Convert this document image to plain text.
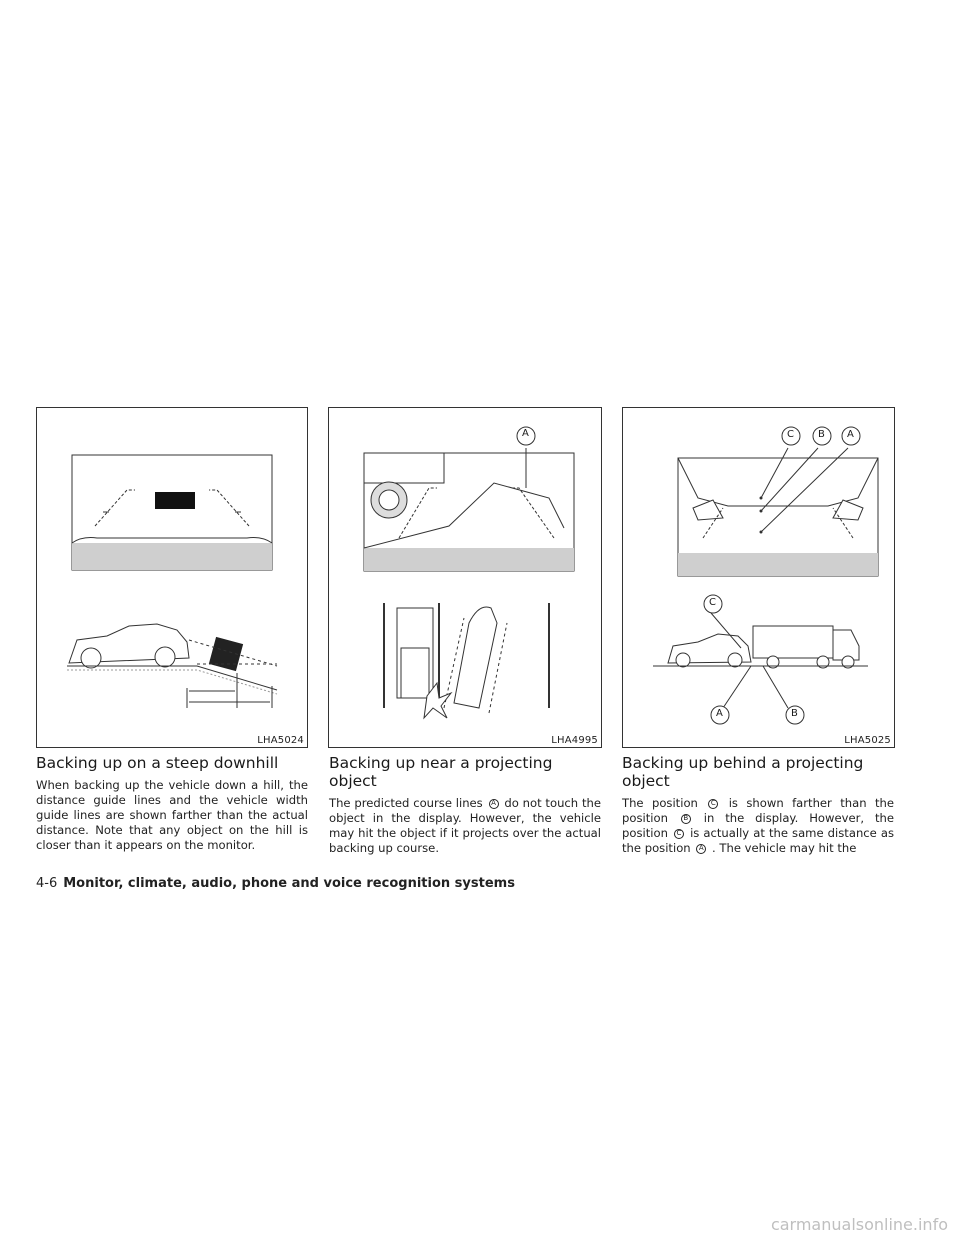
LHA5024
A
LHA4995
C B A
C
A	B
LHA5025
Backing up on a steep downhill

When backing up the vehicle down a hill, the distance guide lines and the vehicle width guide lines are shown farther than the actual distance. Note that any object on the hill is closer than it appears on the monitor.

Backing up near a projecting object

The predicted course lines A do not touch the object in the display. However, the vehicle may hit the object if it projects over the actual backing up course.

Backing up behind a projecting object

The position C is shown farther than the position B in the display. However, the position C is actually at the same distance as the position A . The vehicle may hit the

4-6 Monitor, climate, audio, phone and voice recognition systems
carmanualsonline.info
